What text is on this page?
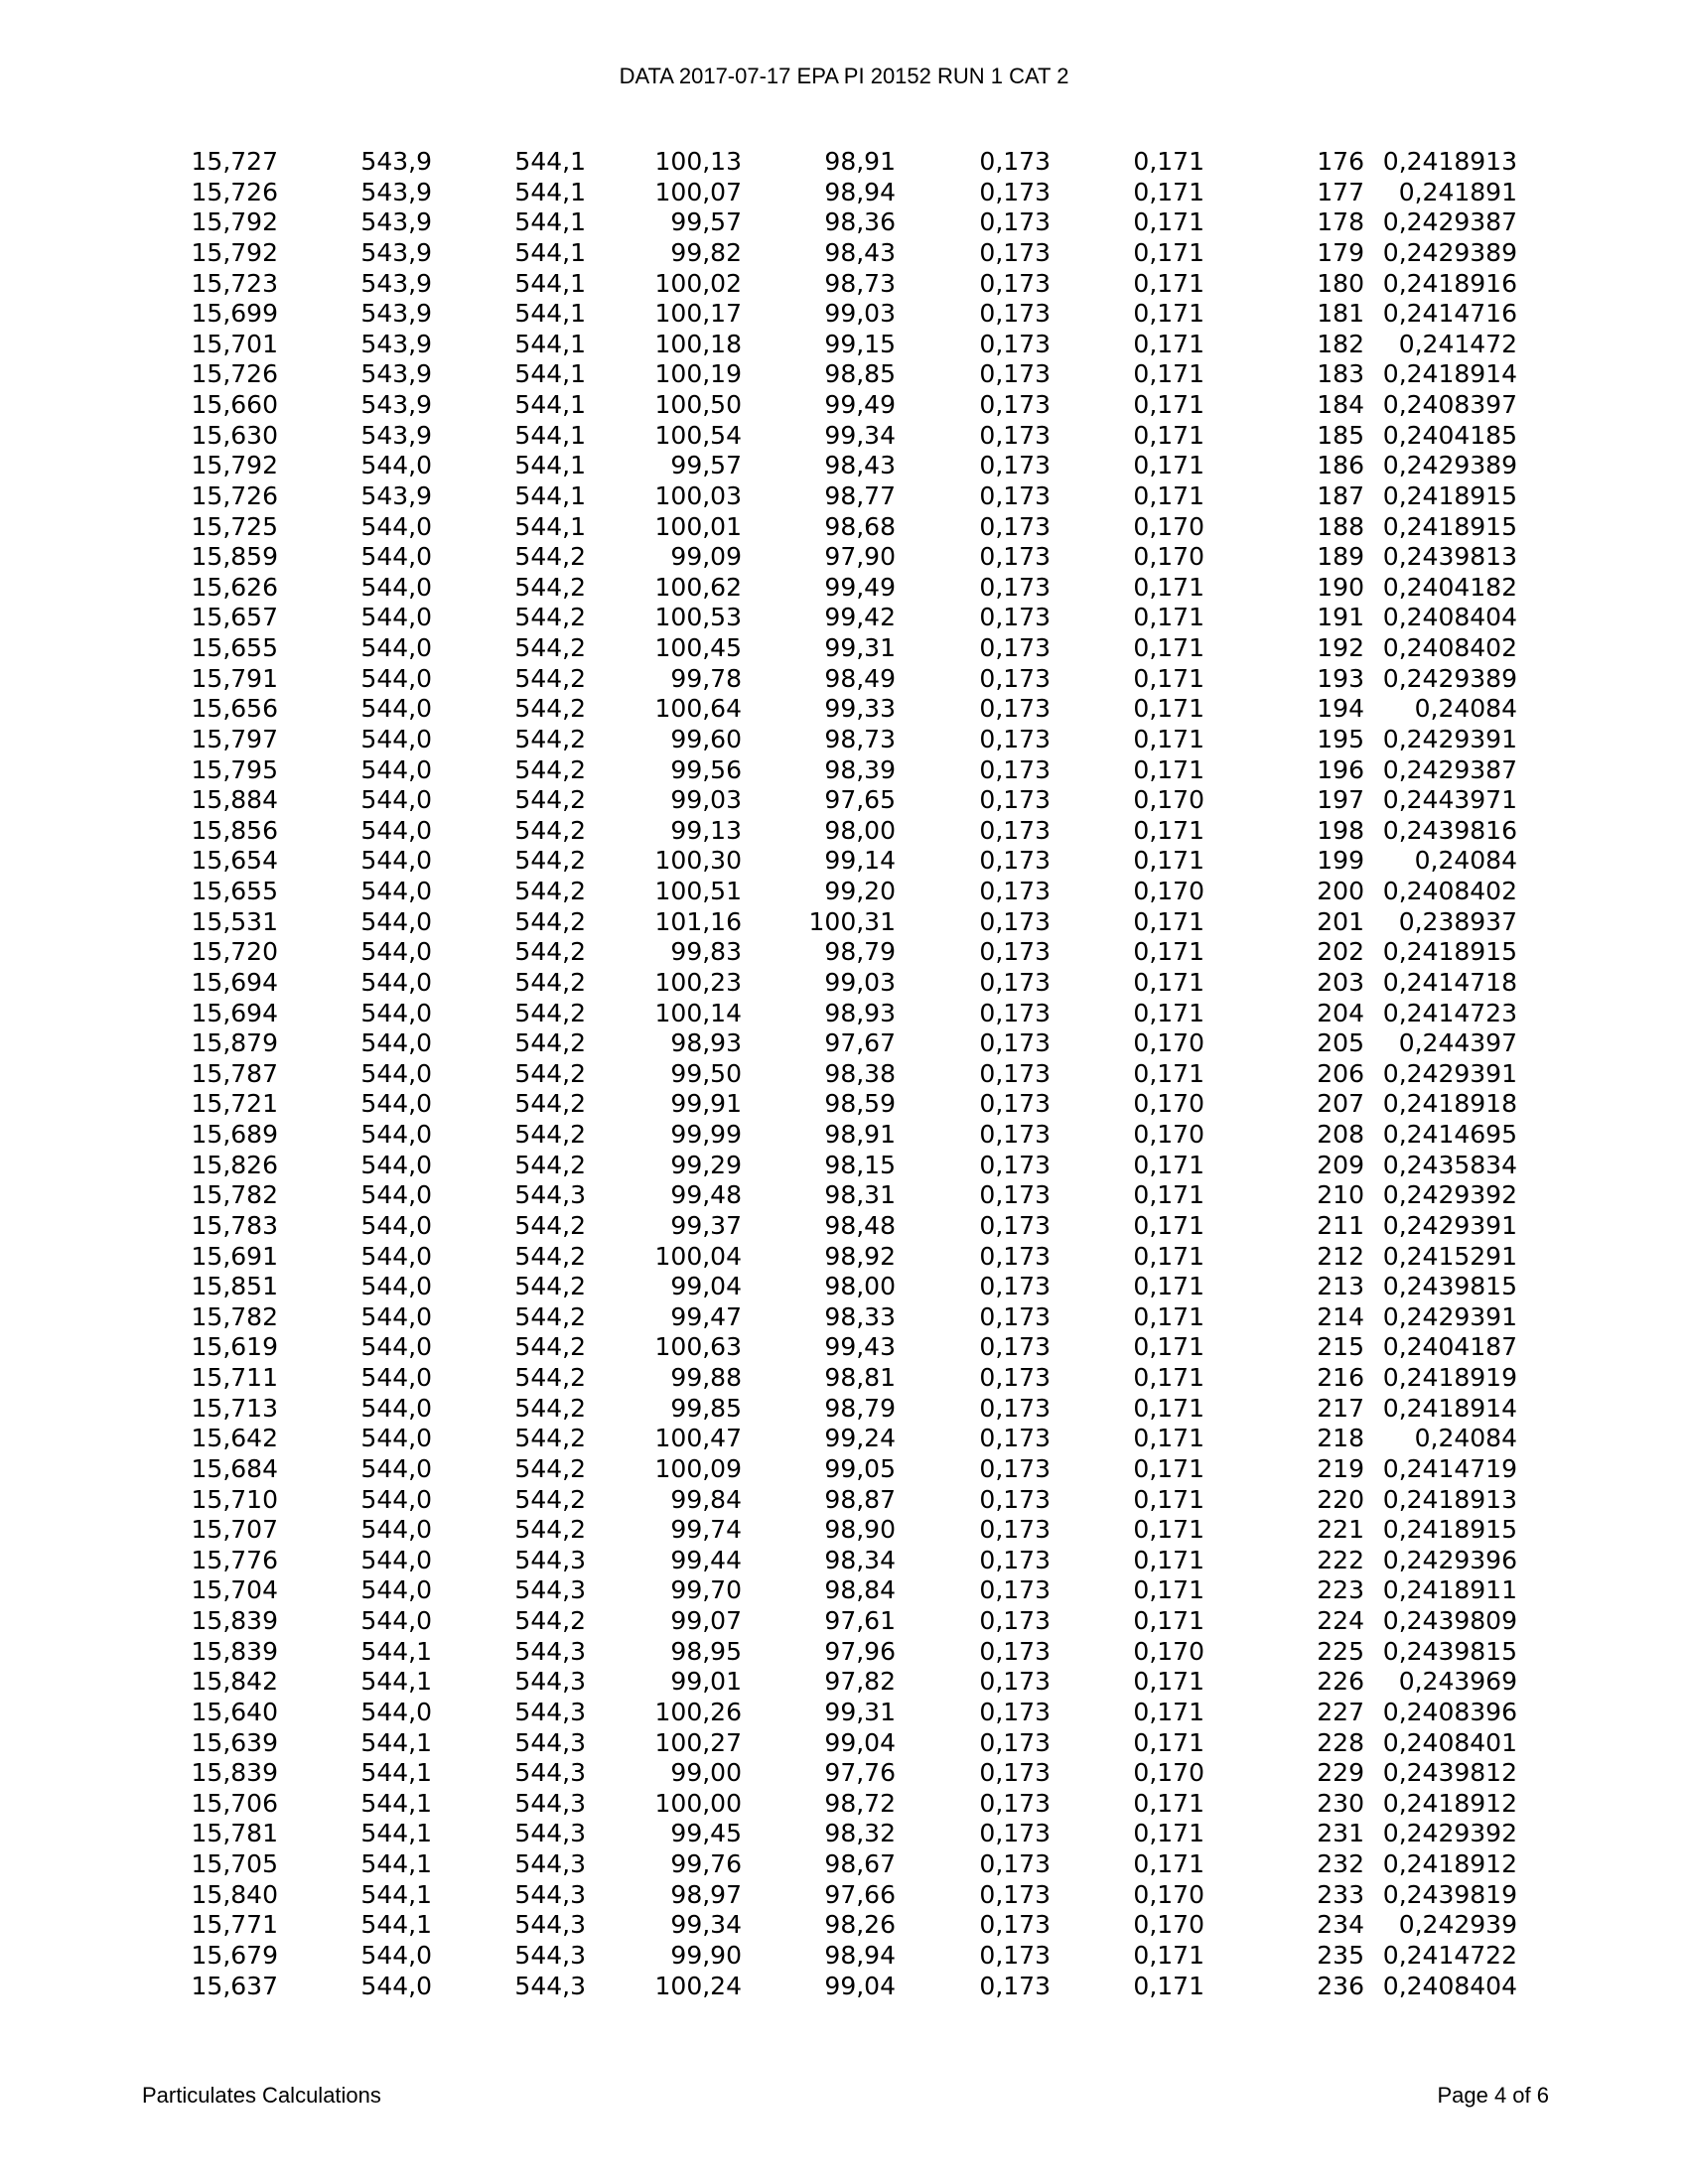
DATA 2017-07-17 EPA PI 20152 RUN 1 CAT 2
15,727	543,9	544,1	100,13	98,91	0,173	0,171	176	0,2418913
15,726	543,9	544,1	100,07	98,94	0,173	0,171	177	0,241891
15,792	543,9	544,1	99,57	98,36	0,173	0,171	178	0,2429387
15,792	543,9	544,1	99,82	98,43	0,173	0,171	179	0,2429389
15,723	543,9	544,1	100,02	98,73	0,173	0,171	180	0,2418916
15,699	543,9	544,1	100,17	99,03	0,173	0,171	181	0,2414716
15,701	543,9	544,1	100,18	99,15	0,173	0,171	182	0,241472
15,726	543,9	544,1	100,19	98,85	0,173	0,171	183	0,2418914
15,660	543,9	544,1	100,50	99,49	0,173	0,171	184	0,2408397
15,630	543,9	544,1	100,54	99,34	0,173	0,171	185	0,2404185
15,792	544,0	544,1	99,57	98,43	0,173	0,171	186	0,2429389
15,726	543,9	544,1	100,03	98,77	0,173	0,171	187	0,2418915
15,725	544,0	544,1	100,01	98,68	0,173	0,170	188	0,2418915
15,859	544,0	544,2	99,09	97,90	0,173	0,170	189	0,2439813
15,626	544,0	544,2	100,62	99,49	0,173	0,171	190	0,2404182
15,657	544,0	544,2	100,53	99,42	0,173	0,171	191	0,2408404
15,655	544,0	544,2	100,45	99,31	0,173	0,171	192	0,2408402
15,791	544,0	544,2	99,78	98,49	0,173	0,171	193	0,2429389
15,656	544,0	544,2	100,64	99,33	0,173	0,171	194	0,24084
15,797	544,0	544,2	99,60	98,73	0,173	0,171	195	0,2429391
15,795	544,0	544,2	99,56	98,39	0,173	0,171	196	0,2429387
15,884	544,0	544,2	99,03	97,65	0,173	0,170	197	0,2443971
15,856	544,0	544,2	99,13	98,00	0,173	0,171	198	0,2439816
15,654	544,0	544,2	100,30	99,14	0,173	0,171	199	0,24084
15,655	544,0	544,2	100,51	99,20	0,173	0,170	200	0,2408402
15,531	544,0	544,2	101,16	100,31	0,173	0,171	201	0,238937
15,720	544,0	544,2	99,83	98,79	0,173	0,171	202	0,2418915
15,694	544,0	544,2	100,23	99,03	0,173	0,171	203	0,2414718
15,694	544,0	544,2	100,14	98,93	0,173	0,171	204	0,2414723
15,879	544,0	544,2	98,93	97,67	0,173	0,170	205	0,244397
15,787	544,0	544,2	99,50	98,38	0,173	0,171	206	0,2429391
15,721	544,0	544,2	99,91	98,59	0,173	0,170	207	0,2418918
15,689	544,0	544,2	99,99	98,91	0,173	0,170	208	0,2414695
15,826	544,0	544,2	99,29	98,15	0,173	0,171	209	0,2435834
15,782	544,0	544,3	99,48	98,31	0,173	0,171	210	0,2429392
15,783	544,0	544,2	99,37	98,48	0,173	0,171	211	0,2429391
15,691	544,0	544,2	100,04	98,92	0,173	0,171	212	0,2415291
15,851	544,0	544,2	99,04	98,00	0,173	0,171	213	0,2439815
15,782	544,0	544,2	99,47	98,33	0,173	0,171	214	0,2429391
15,619	544,0	544,2	100,63	99,43	0,173	0,171	215	0,2404187
15,711	544,0	544,2	99,88	98,81	0,173	0,171	216	0,2418919
15,713	544,0	544,2	99,85	98,79	0,173	0,171	217	0,2418914
15,642	544,0	544,2	100,47	99,24	0,173	0,171	218	0,24084
15,684	544,0	544,2	100,09	99,05	0,173	0,171	219	0,2414719
15,710	544,0	544,2	99,84	98,87	0,173	0,171	220	0,2418913
15,707	544,0	544,2	99,74	98,90	0,173	0,171	221	0,2418915
15,776	544,0	544,3	99,44	98,34	0,173	0,171	222	0,2429396
15,704	544,0	544,3	99,70	98,84	0,173	0,171	223	0,2418911
15,839	544,0	544,2	99,07	97,61	0,173	0,171	224	0,2439809
15,839	544,1	544,3	98,95	97,96	0,173	0,170	225	0,2439815
15,842	544,1	544,3	99,01	97,82	0,173	0,171	226	0,243969
15,640	544,0	544,3	100,26	99,31	0,173	0,171	227	0,2408396
15,639	544,1	544,3	100,27	99,04	0,173	0,171	228	0,2408401
15,839	544,1	544,3	99,00	97,76	0,173	0,170	229	0,2439812
15,706	544,1	544,3	100,00	98,72	0,173	0,171	230	0,2418912
15,781	544,1	544,3	99,45	98,32	0,173	0,171	231	0,2429392
15,705	544,1	544,3	99,76	98,67	0,173	0,171	232	0,2418912
15,840	544,1	544,3	98,97	97,66	0,173	0,170	233	0,2439819
15,771	544,1	544,3	99,34	98,26	0,173	0,170	234	0,242939
15,679	544,0	544,3	99,90	98,94	0,173	0,171	235	0,2414722
15,637	544,0	544,3	100,24	99,04	0,173	0,171	236	0,2408404
Particulates Calculations	Page 4 of 6
